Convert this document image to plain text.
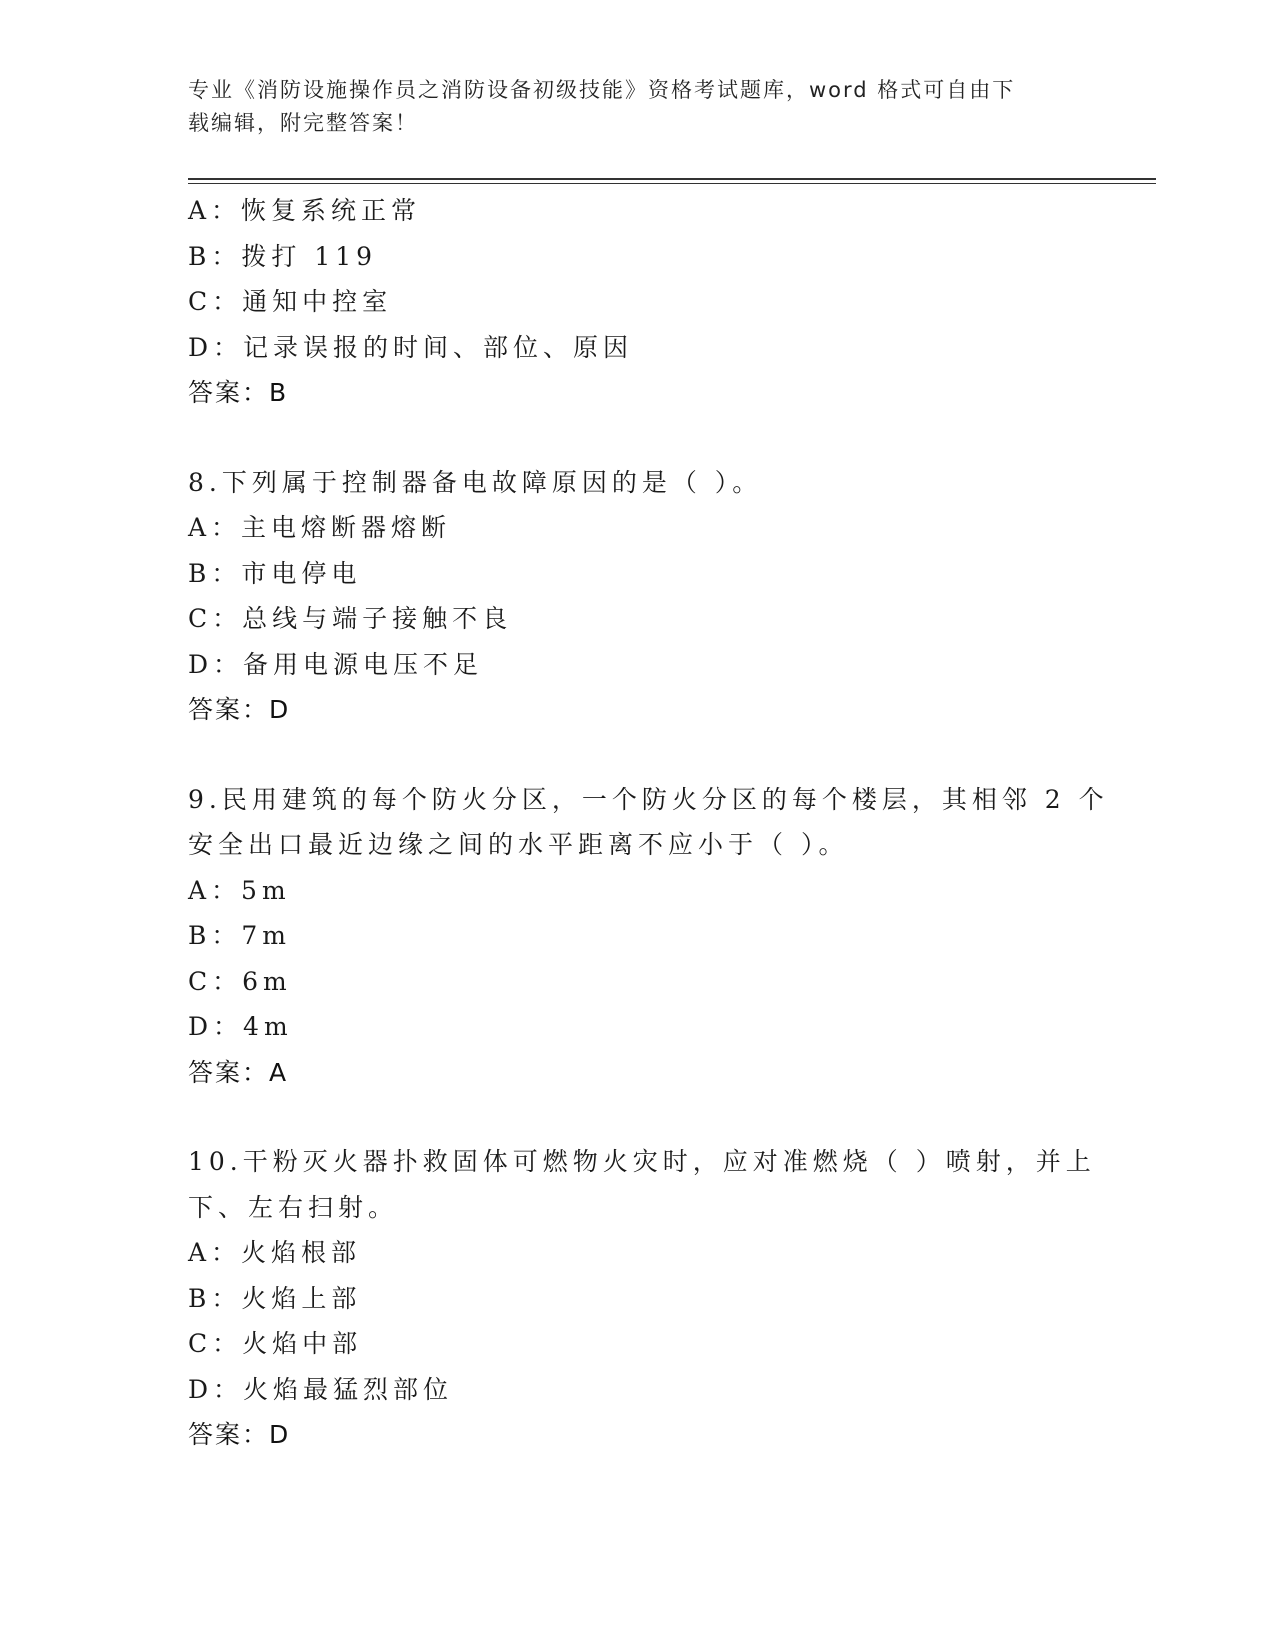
专业《消防设施操作员之消防设备初级技能》资格考试题库，word 格式可自由下
载编辑，附完整答案！
A：恢复系统正常
B：拨打 119
C：通知中控室
D：记录误报的时间、部位、原因
答案：B
8.下列属于控制器备电故障原因的是（ ）。
A：主电熔断器熔断
B：市电停电
C：总线与端子接触不良
D：备用电源电压不足
答案：D
9.民用建筑的每个防火分区，一个防火分区的每个楼层，其相邻 2 个
安全出口最近边缘之间的水平距离不应小于（ ）。
A：5m
B：7m
C：6m
D：4m
答案：A
10.干粉灭火器扑救固体可燃物火灾时，应对准燃烧（ ）喷射，并上
下、左右扫射。
A：火焰根部
B：火焰上部
C：火焰中部
D：火焰最猛烈部位
答案：D
